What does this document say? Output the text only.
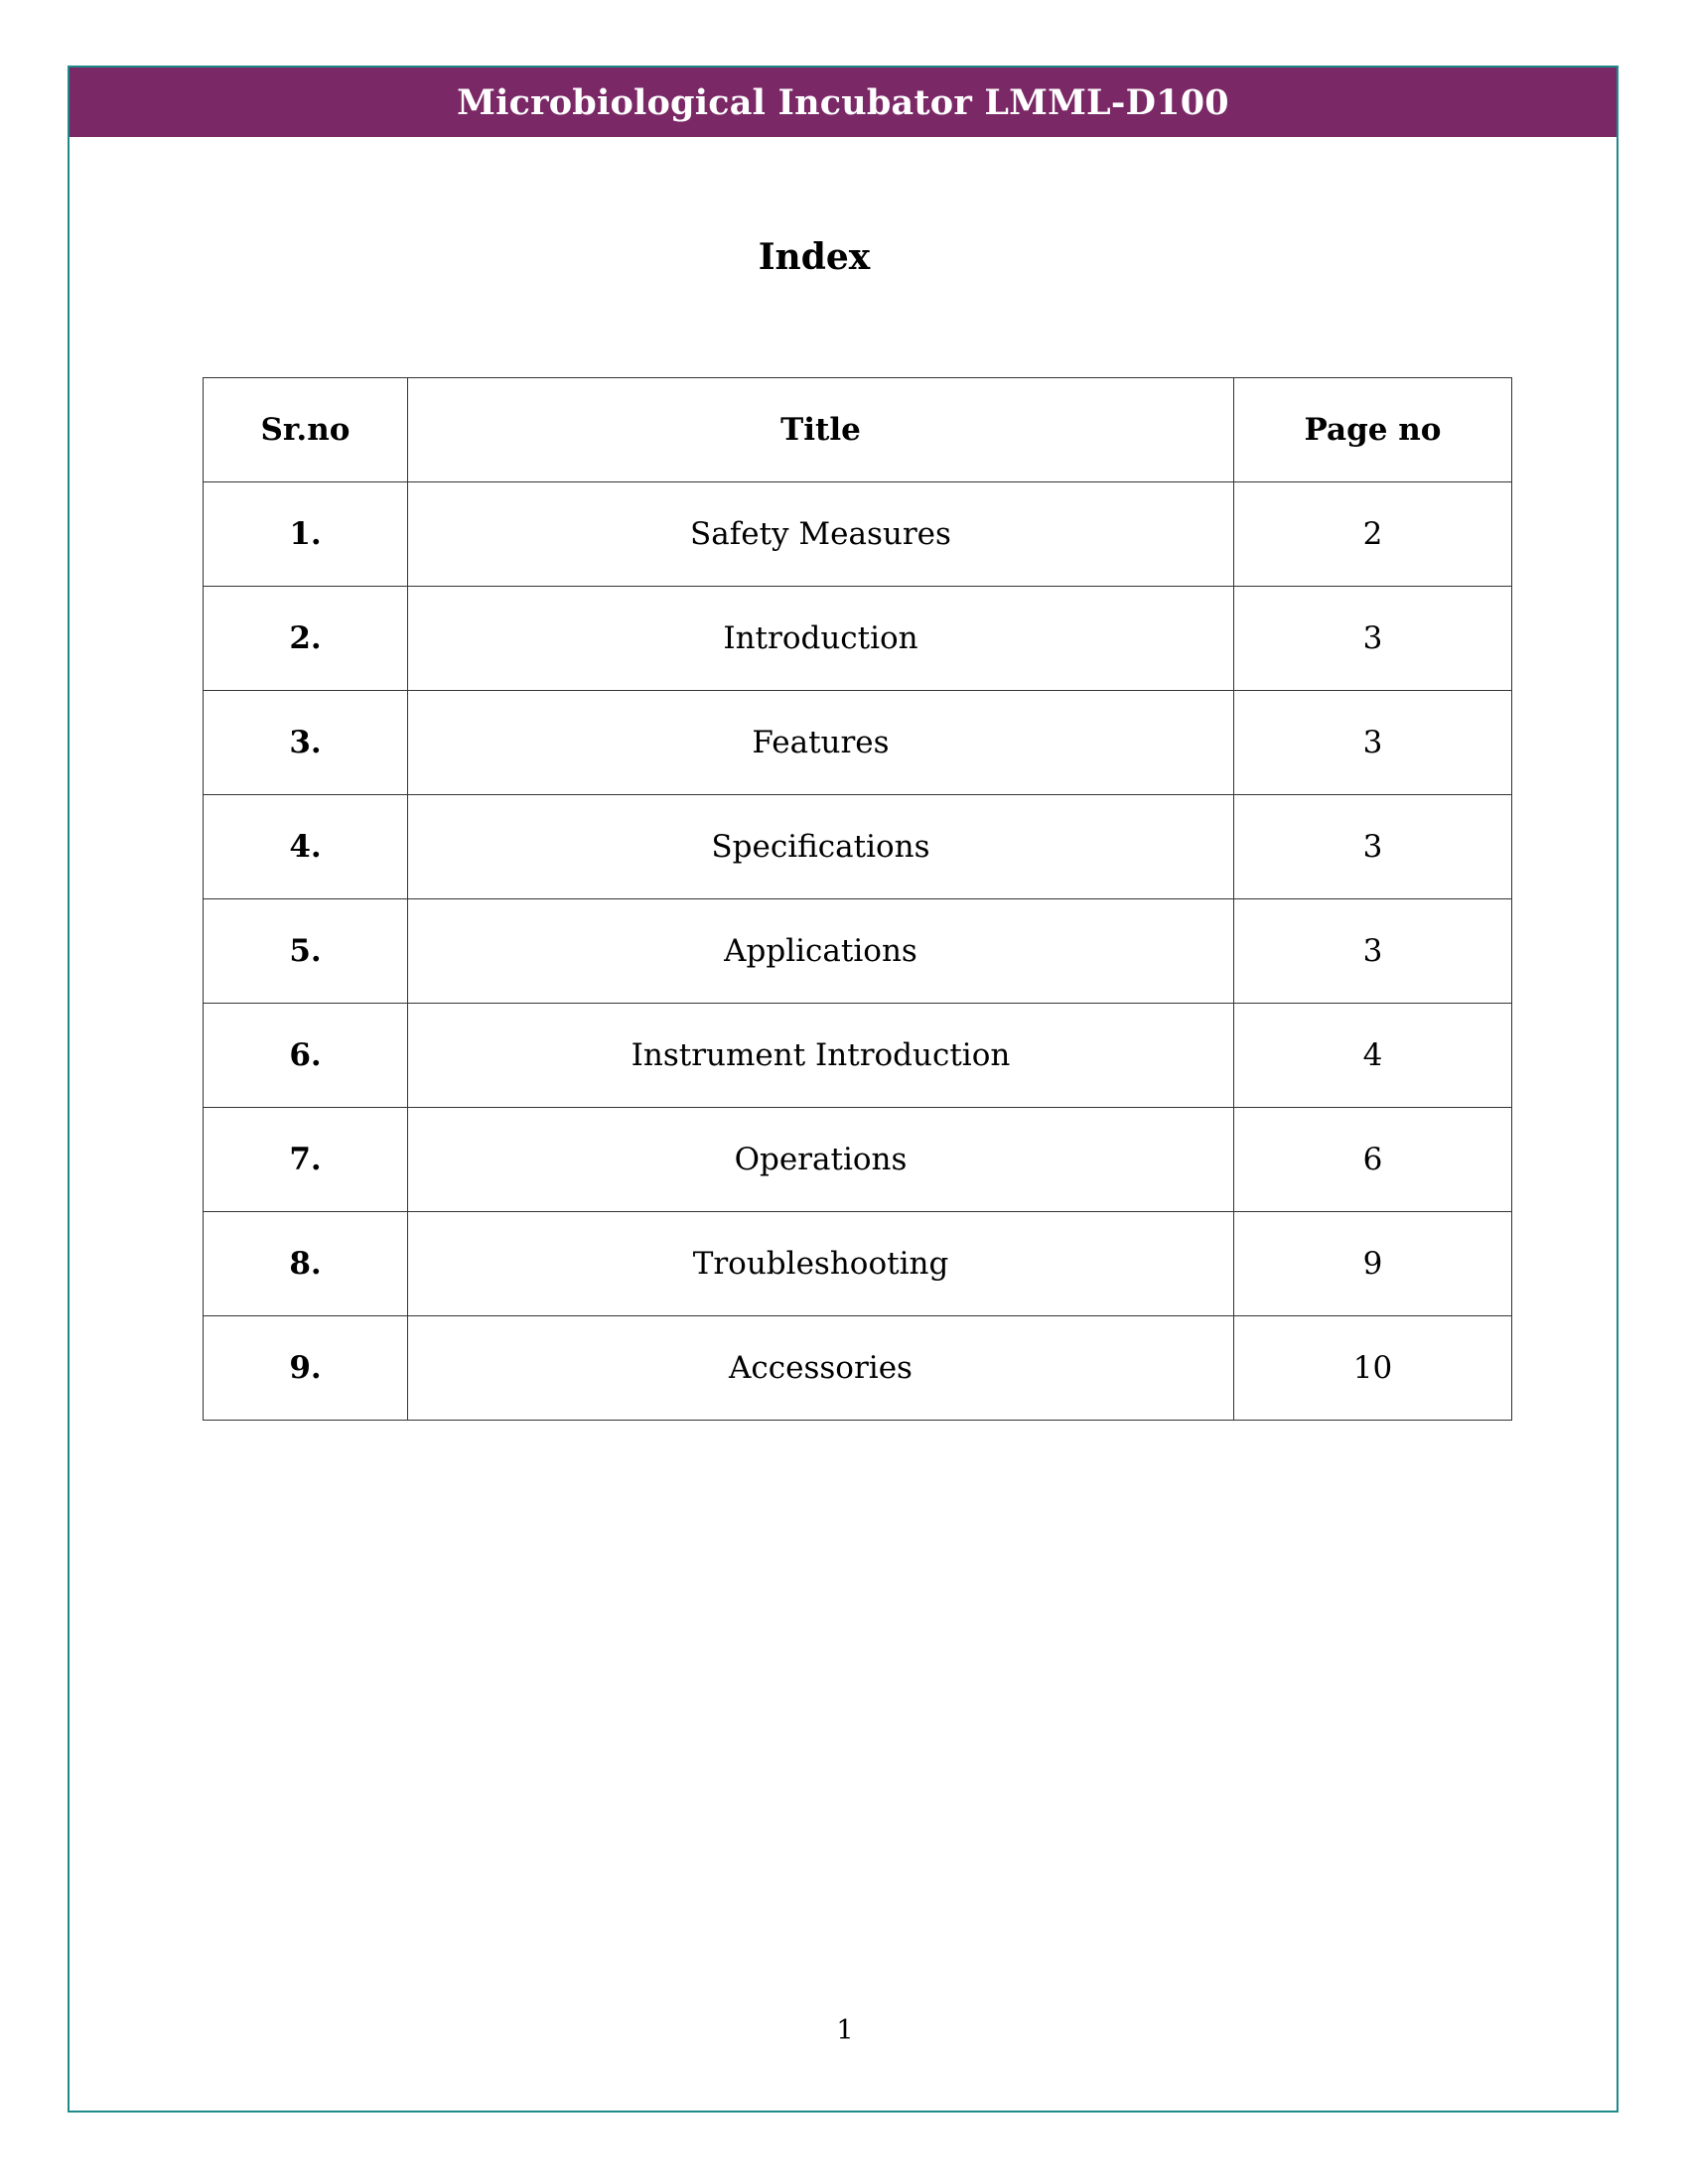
Microbiological Incubator LMML-D100
Index
Sr.no	Title	Page no
1.	Safety Measures	2
2.	Introduction	3
3.	Features	3
4.	Specifications	3
5.	Applications	3
6.	Instrument Introduction	4
7.	Operations	6
8.	Troubleshooting	9
9.	Accessories	10
1
